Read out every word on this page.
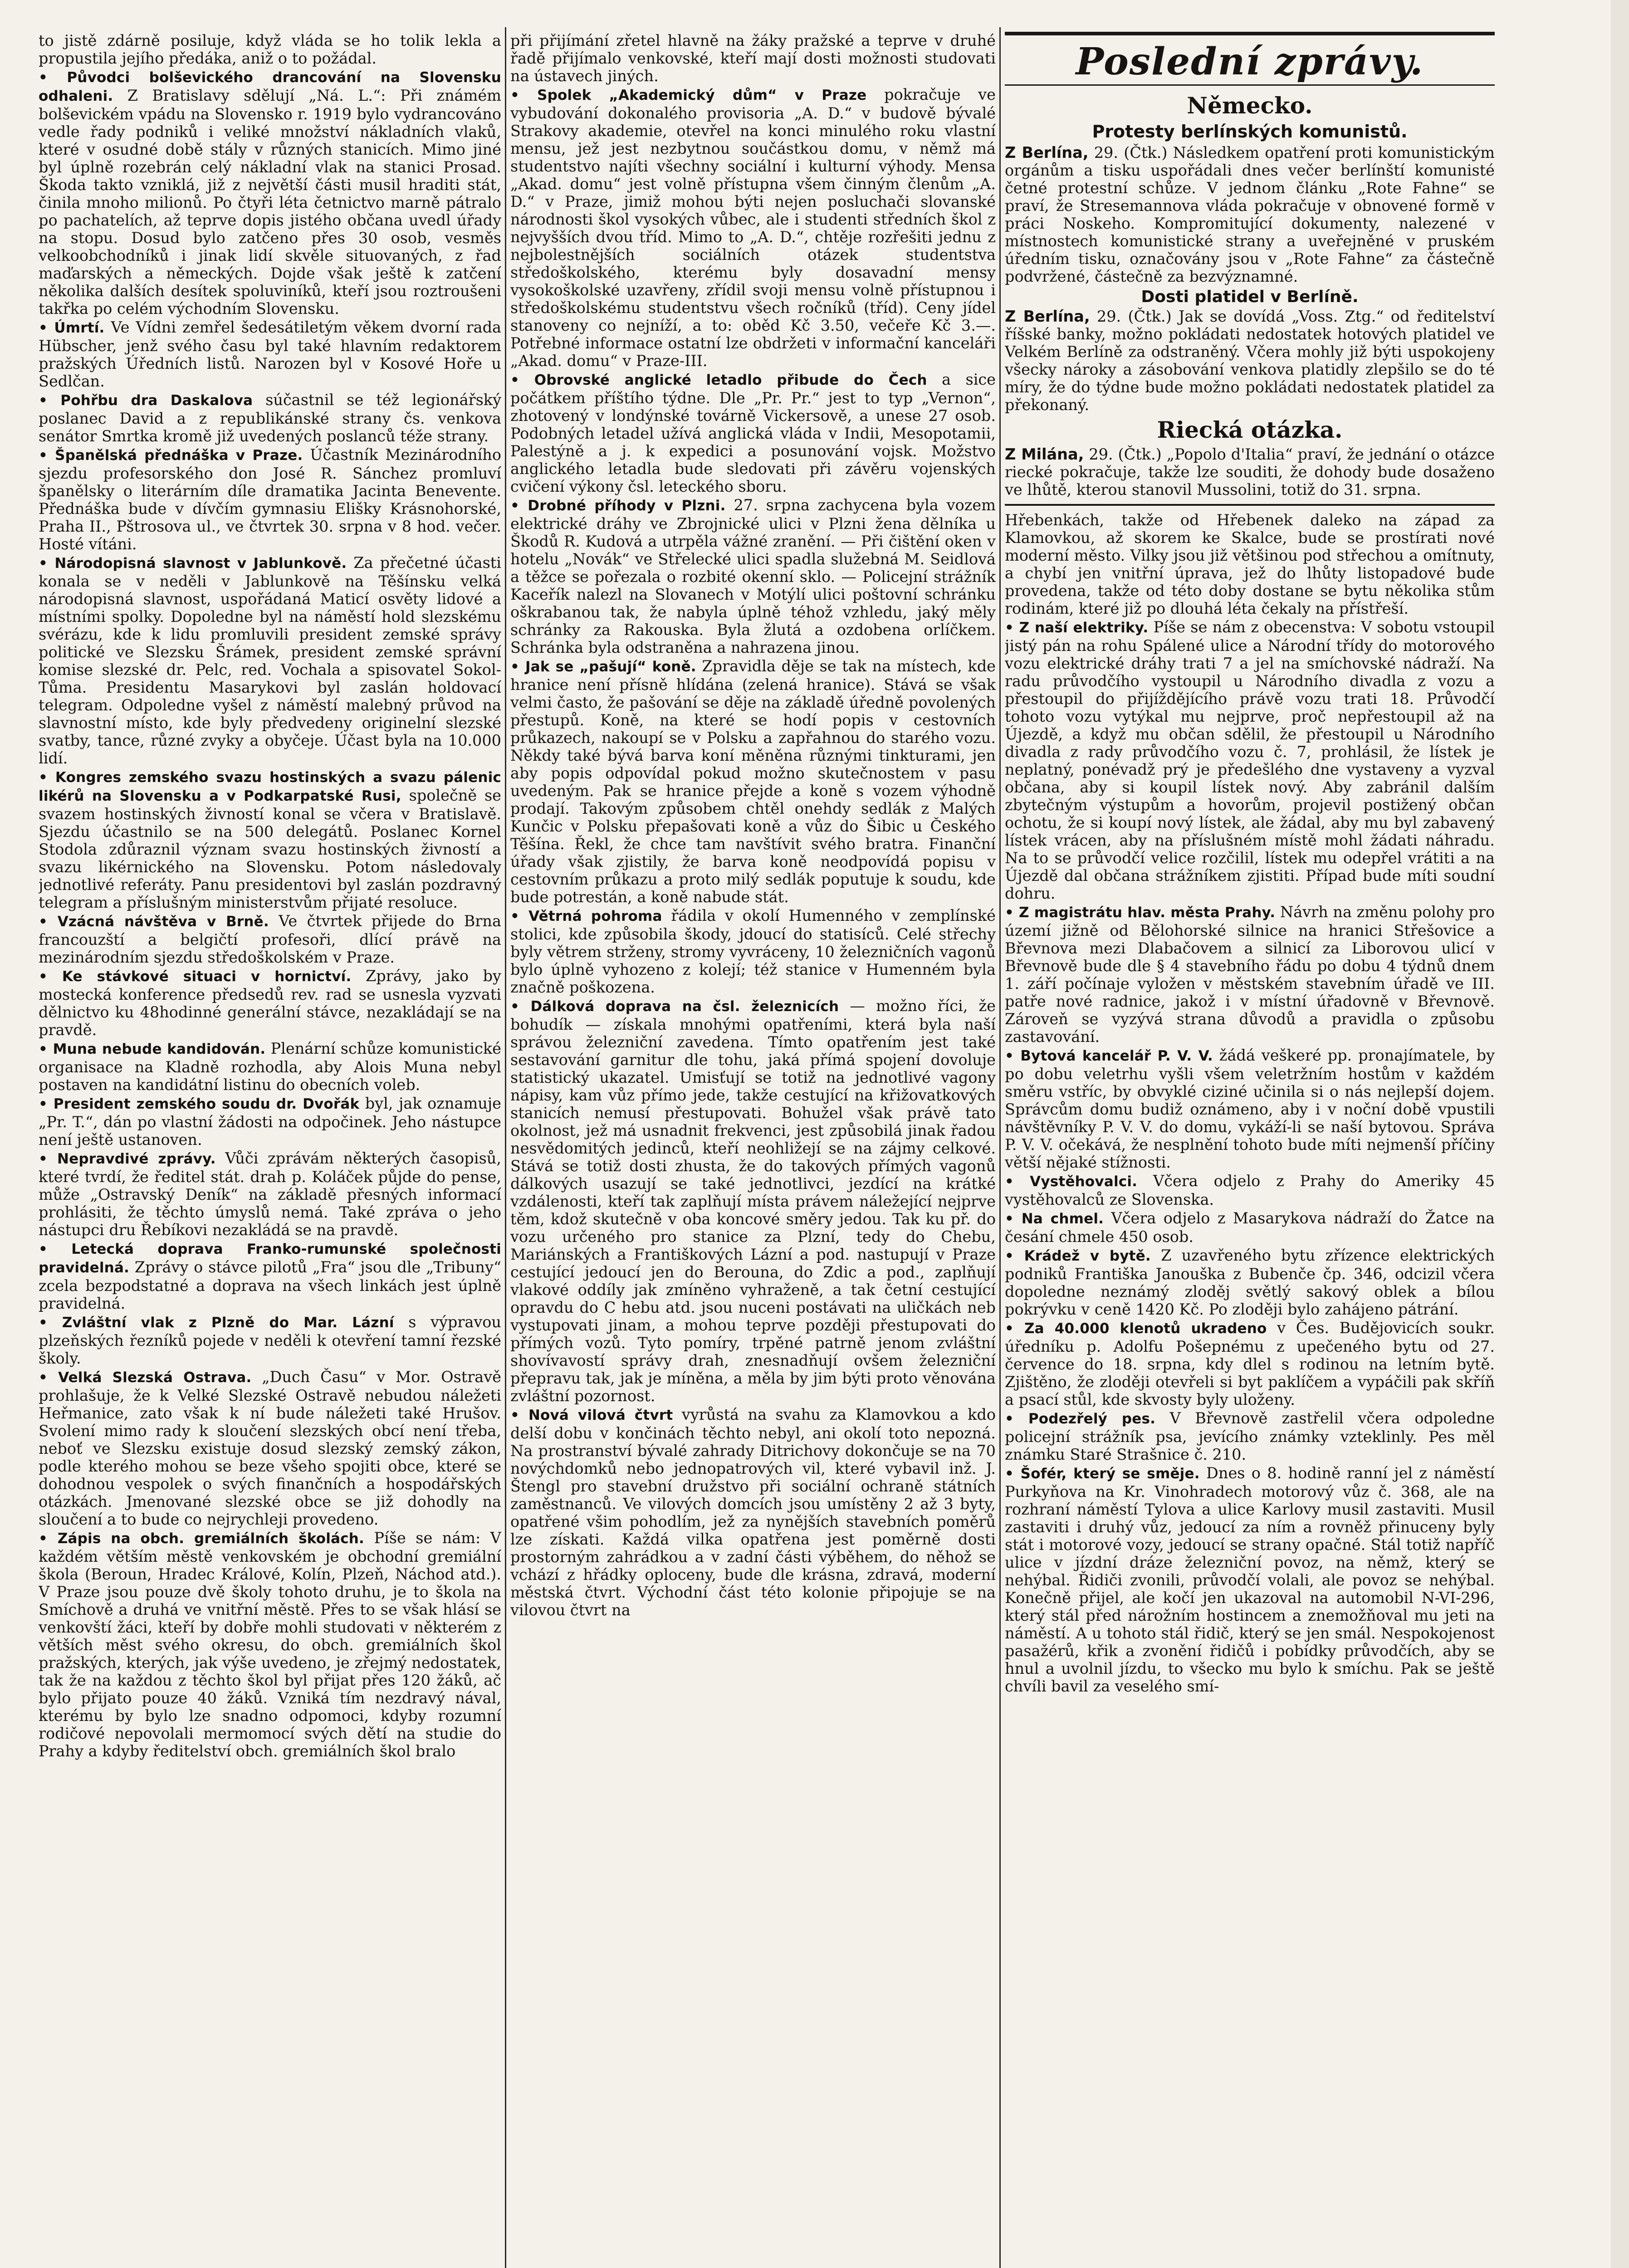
to jistě zdárně posiluje, když vláda se ho tolik lekla a propustila jejího předáka, aniž o to požádal.

• Původci bolševického drancování na Slovensku odhaleni. Z Bratislavy sdělují „Ná. L.“: Při známém bolševickém vpádu na Slovensko r. 1919 bylo vydrancováno vedle řady podniků i veliké množství nákladních vlaků, které v osudné době stály v různých stanicích. Mimo jiné byl úplně rozebrán celý nákladní vlak na stanici Prosad. Škoda takto vzniklá, již z největší části musil hraditi stát, činila mnoho milionů. Po čtyři léta četnictvo marně pátralo po pachatelích, až teprve dopis jistého občana uvedl úřady na stopu. Dosud bylo zatčeno přes 30 osob, vesměs velkoobchodníků i jinak lidí skvěle situovaných, z řad maďarských a německých. Dojde však ještě k zatčení několika dalších desítek spoluviníků, kteří jsou roztroušeni takřka po celém východním Slovensku.

• Úmrtí. Ve Vídni zemřel šedesátiletým věkem dvorní rada Hübscher, jenž svého času byl také hlavním redaktorem pražských Úředních listů. Narozen byl v Kosové Hoře u Sedlčan.

• Pohřbu dra Daskalova súčastnil se též legionářský poslanec David a z republikánské strany čs. venkova senátor Smrtka kromě již uvedených poslanců téže strany.

• Španělská přednáška v Praze. Účastník Mezinárodního sjezdu profesorského don José R. Sánchez promluví španělsky o literárním díle dramatika Jacinta Benevente. Přednáška bude v dívčím gymnasiu Elišky Krásnohorské, Praha II., Pštrosova ul., ve čtvrtek 30. srpna v 8 hod. večer. Hosté vítáni.

• Národopisná slavnost v Jablunkově. Za přečetné účasti konala se v neděli v Jablunkově na Těšínsku velká národopisná slavnost, uspořádaná Maticí osvěty lidové a místními spolky. Dopoledne byl na náměstí hold slezskému svérázu, kde k lidu promluvili president zemské správy politické ve Slezsku Šrámek, president zemské správní komise slezské dr. Pelc, red. Vochala a spisovatel Sokol-Tůma. Presidentu Masarykovi byl zaslán holdovací telegram. Odpoledne vyšel z náměstí malebný průvod na slavnostní místo, kde byly předvedeny originelní slezské svatby, tance, různé zvyky a obyčeje. Účast byla na 10.000 lidí.

• Kongres zemského svazu hostinských a svazu pálenic likérů na Slovensku a v Podkarpatské Rusi, společně se svazem hostinských živností konal se včera v Bratislavě. Sjezdu účastnilo se na 500 delegátů. Poslanec Kornel Stodola zdůraznil význam svazu hostinských živností a svazu likérnického na Slovensku. Potom následovaly jednotlivé referáty. Panu presidentovi byl zaslán pozdravný telegram a příslušným ministerstvům přijaté resoluce.

• Vzácná návštěva v Brně. Ve čtvrtek přijede do Brna francouzští a belgičtí profesoři, dlící právě na mezinárodním sjezdu středoškolském v Praze.

• Ke stávkové situaci v hornictví. Zprávy, jako by mostecká konference předsedů rev. rad se usnesla vyzvati dělnictvo ku 48hodinné generální stávce, nezakládají se na pravdě.

• Muna nebude kandidován. Plenární schůze komunistické organisace na Kladně rozhodla, aby Alois Muna nebyl postaven na kandidátní listinu do obecních voleb.

• President zemského soudu dr. Dvořák byl, jak oznamuje „Pr. T.“, dán po vlastní žádosti na odpočinek. Jeho nástupce není ještě ustanoven.

• Nepravdivé zprávy. Vůči zprávám některých časopisů, které tvrdí, že ředitel stát. drah p. Koláček půjde do pense, může „Ostravský Deník“ na základě přesných informací prohlásiti, že těchto úmyslů nemá. Také zpráva o jeho nástupci dru Řebíkovi nezakládá se na pravdě.

• Letecká doprava Franko-rumunské společnosti pravidelná. Zprávy o stávce pilotů „Fra“ jsou dle „Tribuny“ zcela bezpodstatné a doprava na všech linkách jest úplně pravidelná.

• Zvláštní vlak z Plzně do Mar. Lázní s výpravou plzeňských řezníků pojede v neděli k otevření tamní řezské školy.

• Velká Slezská Ostrava. „Duch Času“ v Mor. Ostravě prohlašuje, že k Velké Slezské Ostravě nebudou náležeti Heřmanice, zato však k ní bude náležeti také Hrušov. Svolení mimo rady k sloučení slezských obcí není třeba, neboť ve Slezsku existuje dosud slezský zemský zákon, podle kterého mohou se beze všeho spojiti obce, které se dohodnou vespolek o svých finančních a hospodářských otázkách. Jmenované slezské obce se již dohodly na sloučení a to bude co nejrychleji provedeno.

• Zápis na obch. gremiálních školách. Píše se nám: V každém větším městě venkovském je obchodní gremiální škola (Beroun, Hradec Králové, Kolín, Plzeň, Náchod atd.). V Praze jsou pouze dvě školy tohoto druhu, je to škola na Smíchově a druhá ve vnitřní městě. Přes to se však hlásí se venkovští žáci, kteří by dobře mohli studovati v některém z větších měst svého okresu, do obch. gremiálních škol pražských, kterých, jak výše uvedeno, je zřejmý nedostatek, tak že na každou z těchto škol byl přijat přes 120 žáků, ač bylo přijato pouze 40 žáků. Vzniká tím nezdravý nával, kterému by bylo lze snadno odpomoci, kdyby rozumní rodičové nepovolali mermomocí svých dětí na studie do Prahy a kdyby ředitelství obch. gremiálních škol bralo

při přijímání zřetel hlavně na žáky pražské a teprve v druhé řadě přijímalo venkovské, kteří mají dosti možnosti studovati na ústavech jiných.

• Spolek „Akademický dům“ v Praze pokračuje ve vybudování dokonalého provisoria „A. D.“ v budově bývalé Strakovy akademie, otevřel na konci minulého roku vlastní mensu, jež jest nezbytnou součástkou domu, v němž má studentstvo najíti všechny sociální i kulturní výhody. Mensa „Akad. domu“ jest volně přístupna všem činným členům „A. D.“ v Praze, jimiž mohou býti nejen posluchači slovanské národnosti škol vysokých vůbec, ale i studenti středních škol z nejvyšších dvou tříd. Mimo to „A. D.“, chtěje rozřešiti jednu z nejbolestnějších sociálních otázek studentstva středoškolského, kterému byly dosavadní mensy vysokoškolské uzavřeny, zřídil svoji mensu volně přístupnou i středoškolskému studentstvu všech ročníků (tříd). Ceny jídel stanoveny co nejníží, a to: oběd Kč 3.50, večeře Kč 3.—. Potřebné informace ostatní lze obdržeti v informační kanceláři „Akad. domu“ v Praze-III.

• Obrovské anglické letadlo přibude do Čech a sice počátkem příštího týdne. Dle „Pr. Pr.“ jest to typ „Vernon“, zhotovený v londýnské továrně Vickersově, a unese 27 osob. Podobných letadel užívá anglická vláda v Indii, Mesopotamii, Palestýně a j. k expedici a posunování vojsk. Možstvo anglického letadla bude sledovati při závěru vojenských cvičení výkony čsl. leteckého sboru.

• Drobné příhody v Plzni. 27. srpna zachycena byla vozem elektrické dráhy ve Zbrojnické ulici v Plzni žena dělníka u Škodů R. Kudová a utrpěla vážné zranění. — Při čištění oken v hotelu „Novák“ ve Střelecké ulici spadla služebná M. Seidlová a těžce se pořezala o rozbité okenní sklo. — Policejní strážník Kaceřík nalezl na Slovanech v Motýlí ulici poštovní schránku oškrabanou tak, že nabyla úplně téhož vzhledu, jaký měly schránky za Rakouska. Byla žlutá a ozdobena orlíčkem. Schránka byla odstraněna a nahrazena jinou.

• Jak se „pašují“ koně. Zpravidla děje se tak na místech, kde hranice není přísně hlídána (zelená hranice). Stává se však velmi často, že pašování se děje na základě úředně povolených přestupů. Koně, na které se hodí popis v cestovních průkazech, nakoupí se v Polsku a zapřahnou do starého vozu. Někdy také bývá barva koní měněna různými tinkturami, jen aby popis odpovídal pokud možno skutečnostem v pasu uvedeným. Pak se hranice přejde a koně s vozem výhodně prodají. Takovým způsobem chtěl onehdy sedlák z Malých Kunčic v Polsku přepašovati koně a vůz do Šibic u Českého Těšína. Řekl, že chce tam navštívit svého bratra. Finanční úřady však zjistily, že barva koně neodpovídá popisu v cestovním průkazu a proto milý sedlák poputuje k soudu, kde bude potrestán, a koně nabude stát.

• Větrná pohroma řádila v okolí Humenného v zemplínské stolici, kde způsobila škody, jdoucí do statisíců. Celé střechy byly větrem strženy, stromy vyvráceny, 10 železničních vagonů bylo úplně vyhozeno z kolejí; též stanice v Humenném byla značně poškozena.

• Dálková doprava na čsl. železnicích — možno říci, že bohudík — získala mnohými opatřeními, která byla naší správou železniční zavedena. Tímto opatřením jest také sestavování garnitur dle tohu, jaká přímá spojení dovoluje statistický ukazatel. Umisťují se totiž na jednotlivé vagony nápisy, kam vůz přímo jede, takže cestující na křižovatkových stanicích nemusí přestupovati. Bohužel však právě tato okolnost, jež má usnadnit frekvenci, jest způsobilá jinak řadou nesvědomitých jedinců, kteří neohližejí se na zájmy celkové. Stává se totiž dosti zhusta, že do takových přímých vagonů dálkových usazují se také jednotlivci, jezdící na krátké vzdálenosti, kteří tak zaplňují místa právem náležející nejprve těm, kdož skutečně v oba koncové směry jedou. Tak ku př. do vozu určeného pro stanice za Plzní, tedy do Chebu, Mariánských a Františkových Lázní a pod. nastupují v Praze cestující jedoucí jen do Berouna, do Zdic a pod., zaplňují vlakové oddíly jak zmíněno vyhraženě, a tak četní cestující opravdu do C hebu atd. jsou nuceni postávati na uličkách neb vystupovati jinam, a mohou teprve později přestupovati do přímých vozů. Tyto pomíry, trpěné patrně jenom zvláštní shovívavostí správy drah, znesnadňují ovšem železniční přepravu tak, jak je míněna, a měla by jim býti proto věnována zvláštní pozornost.

• Nová vilová čtvrt vyrůstá na svahu za Klamovkou a kdo delší dobu v končinách těchto nebyl, ani okolí toto nepozná. Na prostranství bývalé zahrady Ditrichovy dokončuje se na 70 novýchdomků nebo jednopatrových vil, které vybavil inž. J. Štengl pro stavební družstvo při sociální ochraně státních zaměstnanců. Ve vilových domcích jsou umístěny 2 až 3 byty, opatřené všim pohodlím, jež za nynějších stavebních poměrů lze získati. Každá vilka opatřena jest poměrně dosti prostorným zahrádkou a v zadní části výběhem, do něhož se vchází z hřádky oploceny, bude dle krásna, zdravá, moderní městská čtvrt. Východní část této kolonie připojuje se na vilovou čtvrt na

Poslední zprávy.
Německo.
Protesty berlínských komunistů.

Z Berlína, 29. (Čtk.) Následkem opatření proti komunistickým orgánům a tisku uspořádali dnes večer berlínští komunisté četné protestní schůze. V jednom článku „Rote Fahne“ se praví, že Stresemannova vláda pokračuje v obnovené formě v práci Noskeho. Kompromitující dokumenty, nalezené v místnostech komunistické strany a uveřejněné v pruském úředním tisku, označovány jsou v „Rote Fahne“ za částečně podvržené, částečně za bezvýznamné.

Dosti platidel v Berlíně.

Z Berlína, 29. (Čtk.) Jak se dovídá „Voss. Ztg.“ od ředitelství říšské banky, možno pokládati nedostatek hotových platidel ve Velkém Berlíně za odstraněný. Včera mohly již býti uspokojeny všecky nároky a zásobování venkova platidly zlepšilo se do té míry, že do týdne bude možno pokládati nedostatek platidel za překonaný.

Riecká otázka.

Z Milána, 29. (Čtk.) „Popolo d'Italia“ praví, že jednání o otázce riecké pokračuje, takže lze souditi, že dohody bude dosaženo ve lhůtě, kterou stanovil Mussolini, totiž do 31. srpna.

Hřebenkách, takže od Hřebenek daleko na západ za Klamovkou, až skorem ke Skalce, bude se prostírati nové moderní město. Vilky jsou již většinou pod střechou a omítnuty, a chybí jen vnitřní úprava, jež do lhůty listopadové bude provedena, takže od této doby dostane se bytu několika stům rodinám, které již po dlouhá léta čekaly na přístřeší.

• Z naší elektriky. Píše se nám z obecenstva: V sobotu vstoupil jistý pán na rohu Spálené ulice a Národní třídy do motorového vozu elektrické dráhy trati 7 a jel na smíchovské nádraží. Na radu průvodčího vystoupil u Národního divadla z vozu a přestoupil do přijíždějícího právě vozu trati 18. Průvodčí tohoto vozu vytýkal mu nejprve, proč nepřestoupil až na Újezdě, a když mu občan sdělil, že přestoupil u Národního divadla z rady průvodčího vozu č. 7, prohlásil, že lístek je neplatný, ponévadž prý je předešlého dne vystaveny a vyzval občana, aby si koupil lístek nový. Aby zabránil dalším zbytečným výstupům a hovorům, projevil postižený občan ochotu, že si koupí nový lístek, ale žádal, aby mu byl zabavený lístek vrácen, aby na příslušném místě mohl žádati náhradu. Na to se průvodčí velice rozčilil, lístek mu odepřel vrátiti a na Újezdě dal občana strážníkem zjistiti. Případ bude míti soudní dohru.

• Z magistrátu hlav. města Prahy. Návrh na změnu polohy pro území jižně od Bělohorské silnice na hranici Střešovice a Břevnova mezi Dlabačovem a silnicí za Liborovou ulicí v Břevnově bude dle § 4 stavebního řádu po dobu 4 týdnů dnem 1. září počínaje vyložen v městském stavebním úřadě ve III. patře nové radnice, jakož i v místní úřadovně v Břevnově. Zároveň se vyzývá strana důvodů a pravidla o způsobu zastavování.

• Bytová kancelář P. V. V. žádá veškeré pp. pronajímatele, by po dobu veletrhu vyšli všem veletržním hostům v každém směru vstříc, by obvyklé ciziné učinila si o nás nejlepší dojem. Správcům domu budiž oznámeno, aby i v noční době vpustili návštěvníky P. V. V. do domu, vykáží-li se naší bytovou. Správa P. V. V. očekává, že nesplnění tohoto bude míti nejmenší příčiny větší nějaké stížnosti.

• Vystěhovalci. Včera odjelo z Prahy do Ameriky 45 vystěhovalců ze Slovenska.

• Na chmel. Včera odjelo z Masarykova nádraží do Žatce na česání chmele 450 osob.

• Krádež v bytě. Z uzavřeného bytu zřízence elektrických podniků Františka Janouška z Bubenče čp. 346, odcizil včera dopoledne neznámý zloděj světlý sakový oblek a bílou pokrývku v ceně 1420 Kč. Po zloději bylo zahájeno pátrání.

• Za 40.000 klenotů ukradeno v Čes. Budějovicích soukr. úředníku p. Adolfu Pošepnému z upečeného bytu od 27. července do 18. srpna, kdy dlel s rodinou na letním bytě. Zjištěno, že zloději otevřeli si byt paklíčem a vypáčili pak skříň a psací stůl, kde skvosty byly uloženy.

• Podezřelý pes. V Břevnově zastřelil včera odpoledne policejní strážník psa, jevícího známky vzteklinly. Pes měl známku Staré Strašnice č. 210.

• Šofér, který se směje. Dnes o 8. hodině ranní jel z náměstí Purkyňova na Kr. Vinohradech motorový vůz č. 368, ale na rozhraní náměstí Tylova a ulice Karlovy musil zastaviti. Musil zastaviti i druhý vůz, jedoucí za ním a rovněž přinuceny byly stát i motorové vozy, jedoucí se strany opačné. Stál totiž napříč ulice v jízdní dráze železniční povoz, na němž, který se nehýbal. Řidiči zvonili, průvodčí volali, ale povoz se nehýbal. Konečně přijel, ale kočí jen ukazoval na automobil N-VI-296, který stál před nárožním hostincem a znemožňoval mu jeti na náměstí. A u tohoto stál řidič, který se jen smál. Nespokojenost pasažérů, křik a zvonění řidičů i pobídky průvodčích, aby se hnul a uvolnil jízdu, to všecko mu bylo k smíchu. Pak se ještě chvíli bavil za veselého smí-
